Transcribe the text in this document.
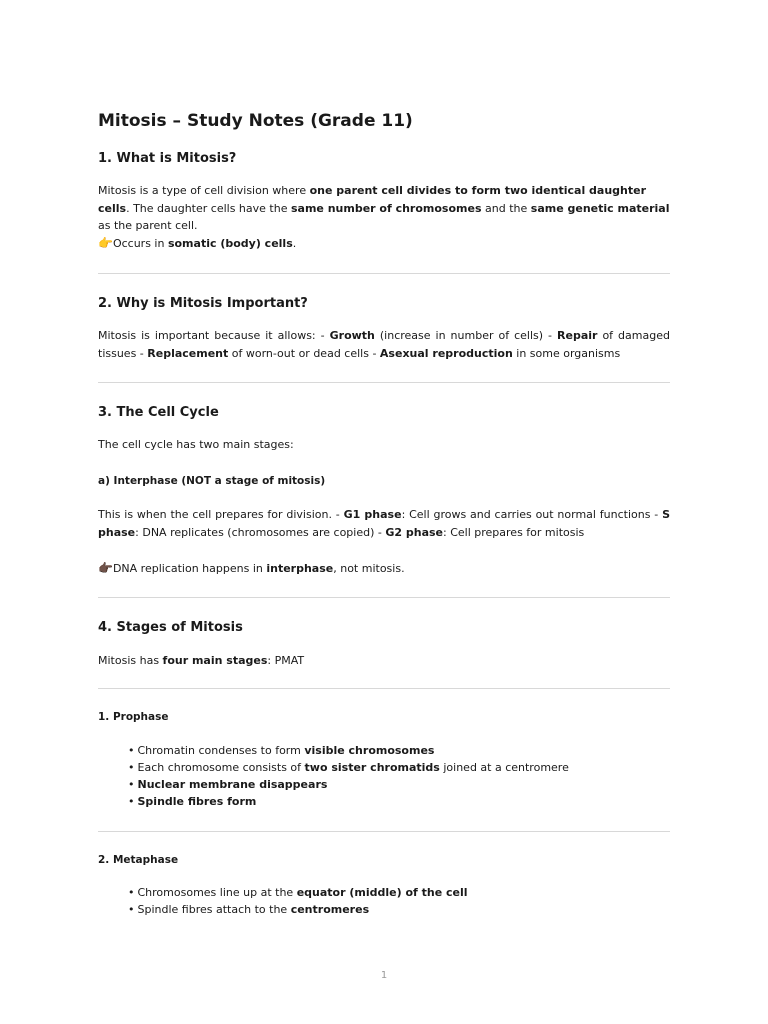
Mitosis – Study Notes (Grade 11)
1. What is Mitosis?

Mitosis is a type of cell division where one parent cell divides to form two identical daughter cells. The daughter cells have the same number of chromosomes and the same genetic material as the parent cell.

👉Occurs in somatic (body) cells.

2. Why is Mitosis Important?

Mitosis is important because it allows: - Growth (increase in number of cells) - Repair of damaged tissues - Replacement of worn-out or dead cells - Asexual reproduction in some organisms

3. The Cell Cycle

The cell cycle has two main stages:

a) Interphase (NOT a stage of mitosis)

This is when the cell prepares for division. - G1 phase: Cell grows and carries out normal functions - S phase: DNA replicates (chromosomes are copied) - G2 phase: Cell prepares for mitosis

👉🏿DNA replication happens in interphase, not mitosis.

4. Stages of Mitosis

Mitosis has four main stages: PMAT

1. Prophase
• Chromatin condenses to form visible chromosomes
• Each chromosome consists of two sister chromatids joined at a centromere
• Nuclear membrane disappears
• Spindle fibres form
2. Metaphase
• Chromosomes line up at the equator (middle) of the cell
• Spindle fibres attach to the centromeres
1
